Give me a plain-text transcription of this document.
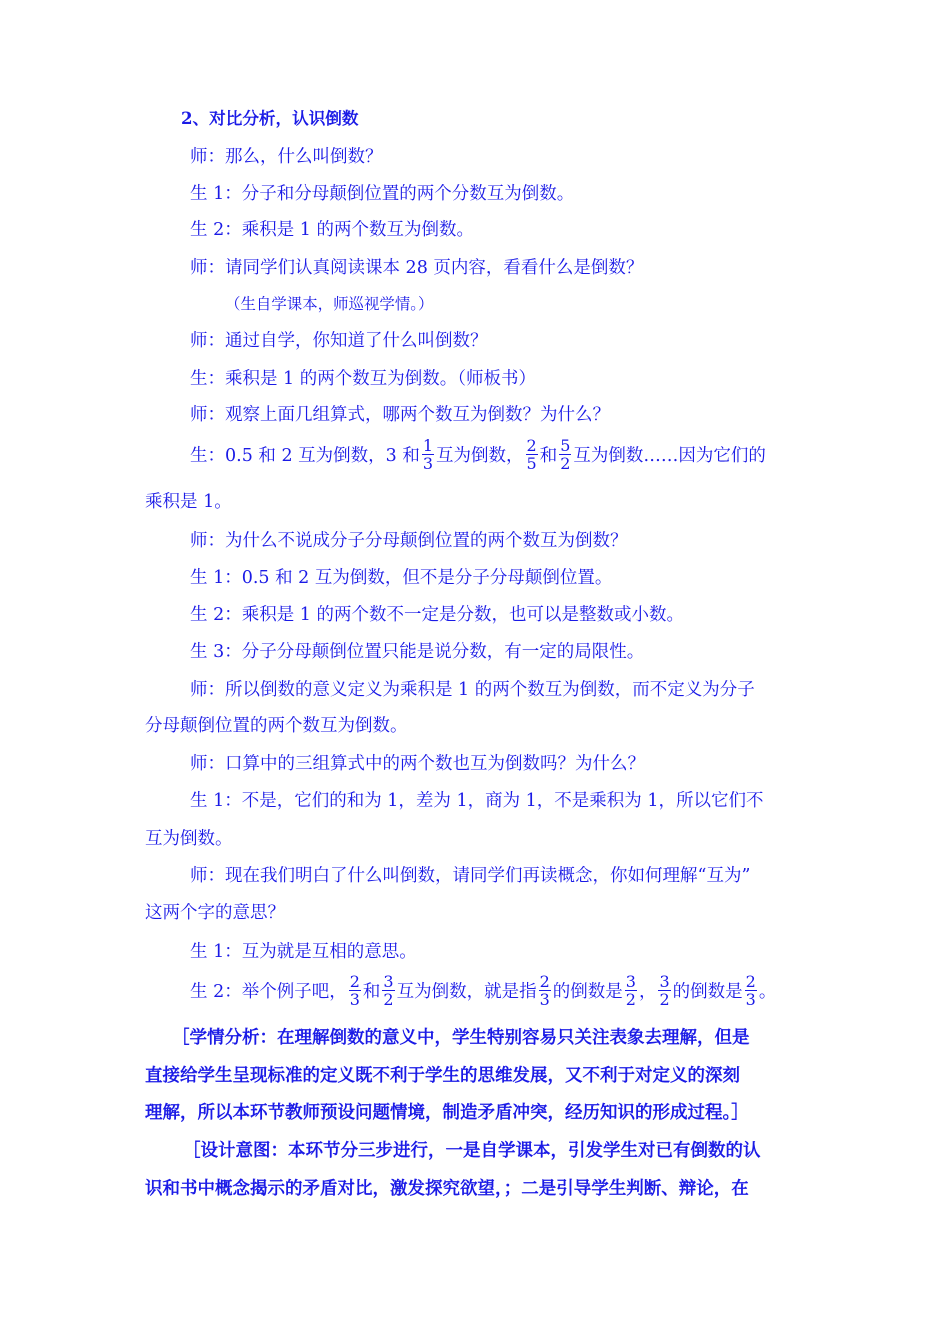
2、对比分析，认识倒数
师：那么，什么叫倒数？
生 1：分子和分母颠倒位置的两个分数互为倒数。
生 2：乘积是 1 的两个数互为倒数。
师：请同学们认真阅读课本 28 页内容，看看什么是倒数？
（生自学课本，师巡视学情。）
师：通过自学，你知道了什么叫倒数？
生：乘积是 1 的两个数互为倒数。（师板书）
师：观察上面几组算式，哪两个数互为倒数？为什么？
生：0.5 和 2 互为倒数，3 和 $\frac{1}{3}$ 互为倒数， $\frac{2}{5}$ 和 $\frac{5}{2}$ 互为倒数……因为它们的
乘积是 1。
师：为什么不说成分子分母颠倒位置的两个数互为倒数？
生 1：0.5 和 2 互为倒数，但不是分子分母颠倒位置。
生 2：乘积是 1 的两个数不一定是分数，也可以是整数或小数。
生 3：分子分母颠倒位置只能是说分数，有一定的局限性。
师：所以倒数的意义定义为乘积是 1 的两个数互为倒数，而不定义为分子
分母颠倒位置的两个数互为倒数。
师：口算中的三组算式中的两个数也互为倒数吗？为什么？
生 1：不是，它们的和为 1，差为 1，商为 1，不是乘积为 1，所以它们不
互为倒数。
师：现在我们明白了什么叫倒数，请同学们再读概念，你如何理解“互为”
这两个字的意思？
生 1：互为就是互相的意思。
生 2：举个例子吧， $\frac{2}{3}$ 和 $\frac{3}{2}$ 互为倒数，就是指 $\frac{2}{3}$ 的倒数是 $\frac{3}{2}$ ， $\frac{3}{2}$ 的倒数是 $\frac{2}{3}$ 。
［学情分析：在理解倒数的意义中，学生特别容易只关注表象去理解，但是
直接给学生呈现标准的定义既不利于学生的思维发展，又不利于对定义的深刻
理解，所以本环节教师预设问题情境，制造矛盾冲突，经历知识的形成过程。］
［设计意图：本环节分三步进行，一是自学课本，引发学生对已有倒数的认
识和书中概念揭示的矛盾对比，激发探究欲望，；二是引导学生判断、辩论，在
